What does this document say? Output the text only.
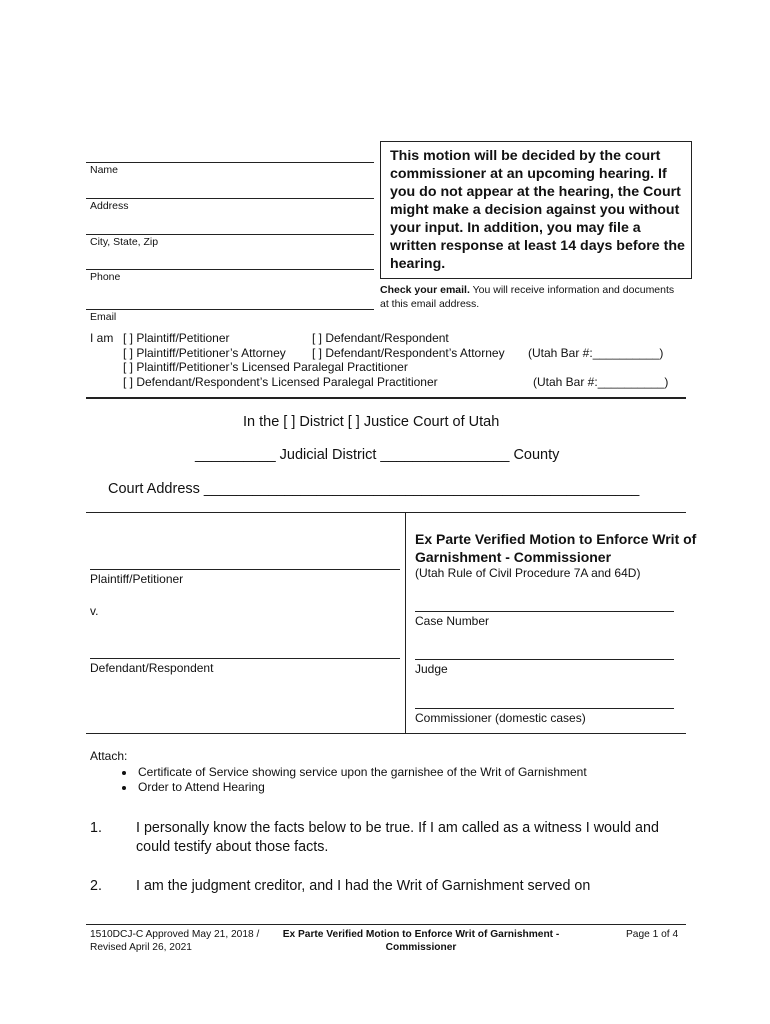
Name
Address
City, State, Zip
Phone
Email
This motion will be decided by the court commissioner at an upcoming hearing. If you do not appear at the hearing, the Court might make a decision against you without your input. In addition, you may file a written response at least 14 days before the hearing.
Check your email. You will receive information and documents at this email address.
I am [ ] Plaintiff/Petitioner	[ ] Defendant/Respondent
[ ] Plaintiff/Petitioner’s Attorney [ ] Defendant/Respondent’s Attorney (Utah Bar #:__________)
[ ] Plaintiff/Petitioner’s Licensed Paralegal Practitioner
[ ] Defendant/Respondent’s Licensed Paralegal Practitioner	(Utah Bar #:__________)
In the [ ] District [ ] Justice Court of Utah
__________ Judicial District ________________ County
Court Address ______________________________________________________
Ex Parte Verified Motion to Enforce Writ of Garnishment - Commissioner
(Utah Rule of Civil Procedure 7A and 64D)
Plaintiff/Petitioner
v.
Defendant/Respondent
Case Number
Judge
Commissioner (domestic cases)
Attach:
• Certificate of Service showing service upon the garnishee of the Writ of Garnishment
• Order to Attend Hearing
1. I personally know the facts below to be true. If I am called as a witness I would and could testify about those facts.
2. I am the judgment creditor, and I had the Writ of Garnishment served on
1510DCJ-C Approved May 21, 2018 /
Revised April 26, 2021
Ex Parte Verified Motion to Enforce Writ of Garnishment - Commissioner
Page 1 of 4
